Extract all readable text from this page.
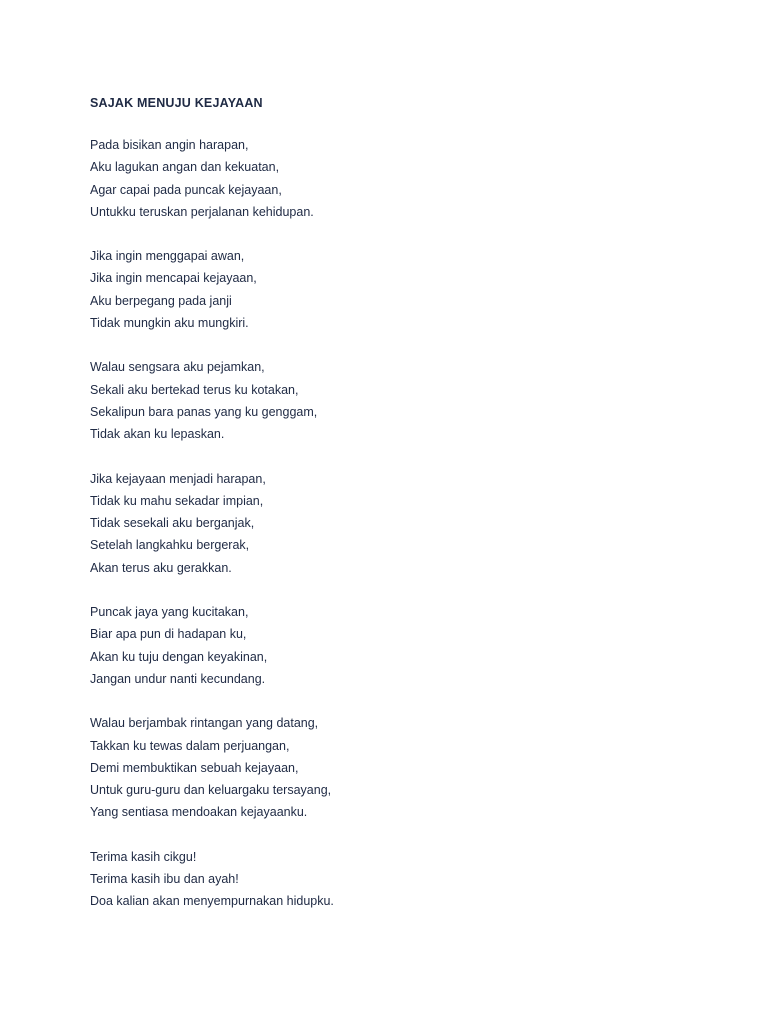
SAJAK MENUJU KEJAYAAN
Pada bisikan angin harapan,
Aku lagukan angan dan kekuatan,
Agar capai pada puncak kejayaan,
Untukku teruskan perjalanan kehidupan.
Jika ingin menggapai awan,
Jika ingin mencapai kejayaan,
Aku berpegang pada janji
Tidak mungkin aku mungkiri.
Walau sengsara aku pejamkan,
Sekali aku bertekad terus ku kotakan,
Sekalipun bara panas yang ku genggam,
Tidak akan ku lepaskan.
Jika kejayaan menjadi harapan,
Tidak ku mahu sekadar impian,
Tidak sesekali aku berganjak,
Setelah langkahku bergerak,
Akan terus aku gerakkan.
Puncak jaya yang kucitakan,
Biar apa pun di hadapan ku,
Akan ku tuju dengan keyakinan,
Jangan undur nanti kecundang.
Walau berjambak rintangan yang datang,
Takkan ku tewas dalam perjuangan,
Demi membuktikan sebuah kejayaan,
Untuk guru-guru dan keluargaku tersayang,
Yang sentiasa mendoakan kejayaanku.
Terima kasih cikgu!
Terima kasih ibu dan ayah!
Doa kalian akan menyempurnakan hidupku.
